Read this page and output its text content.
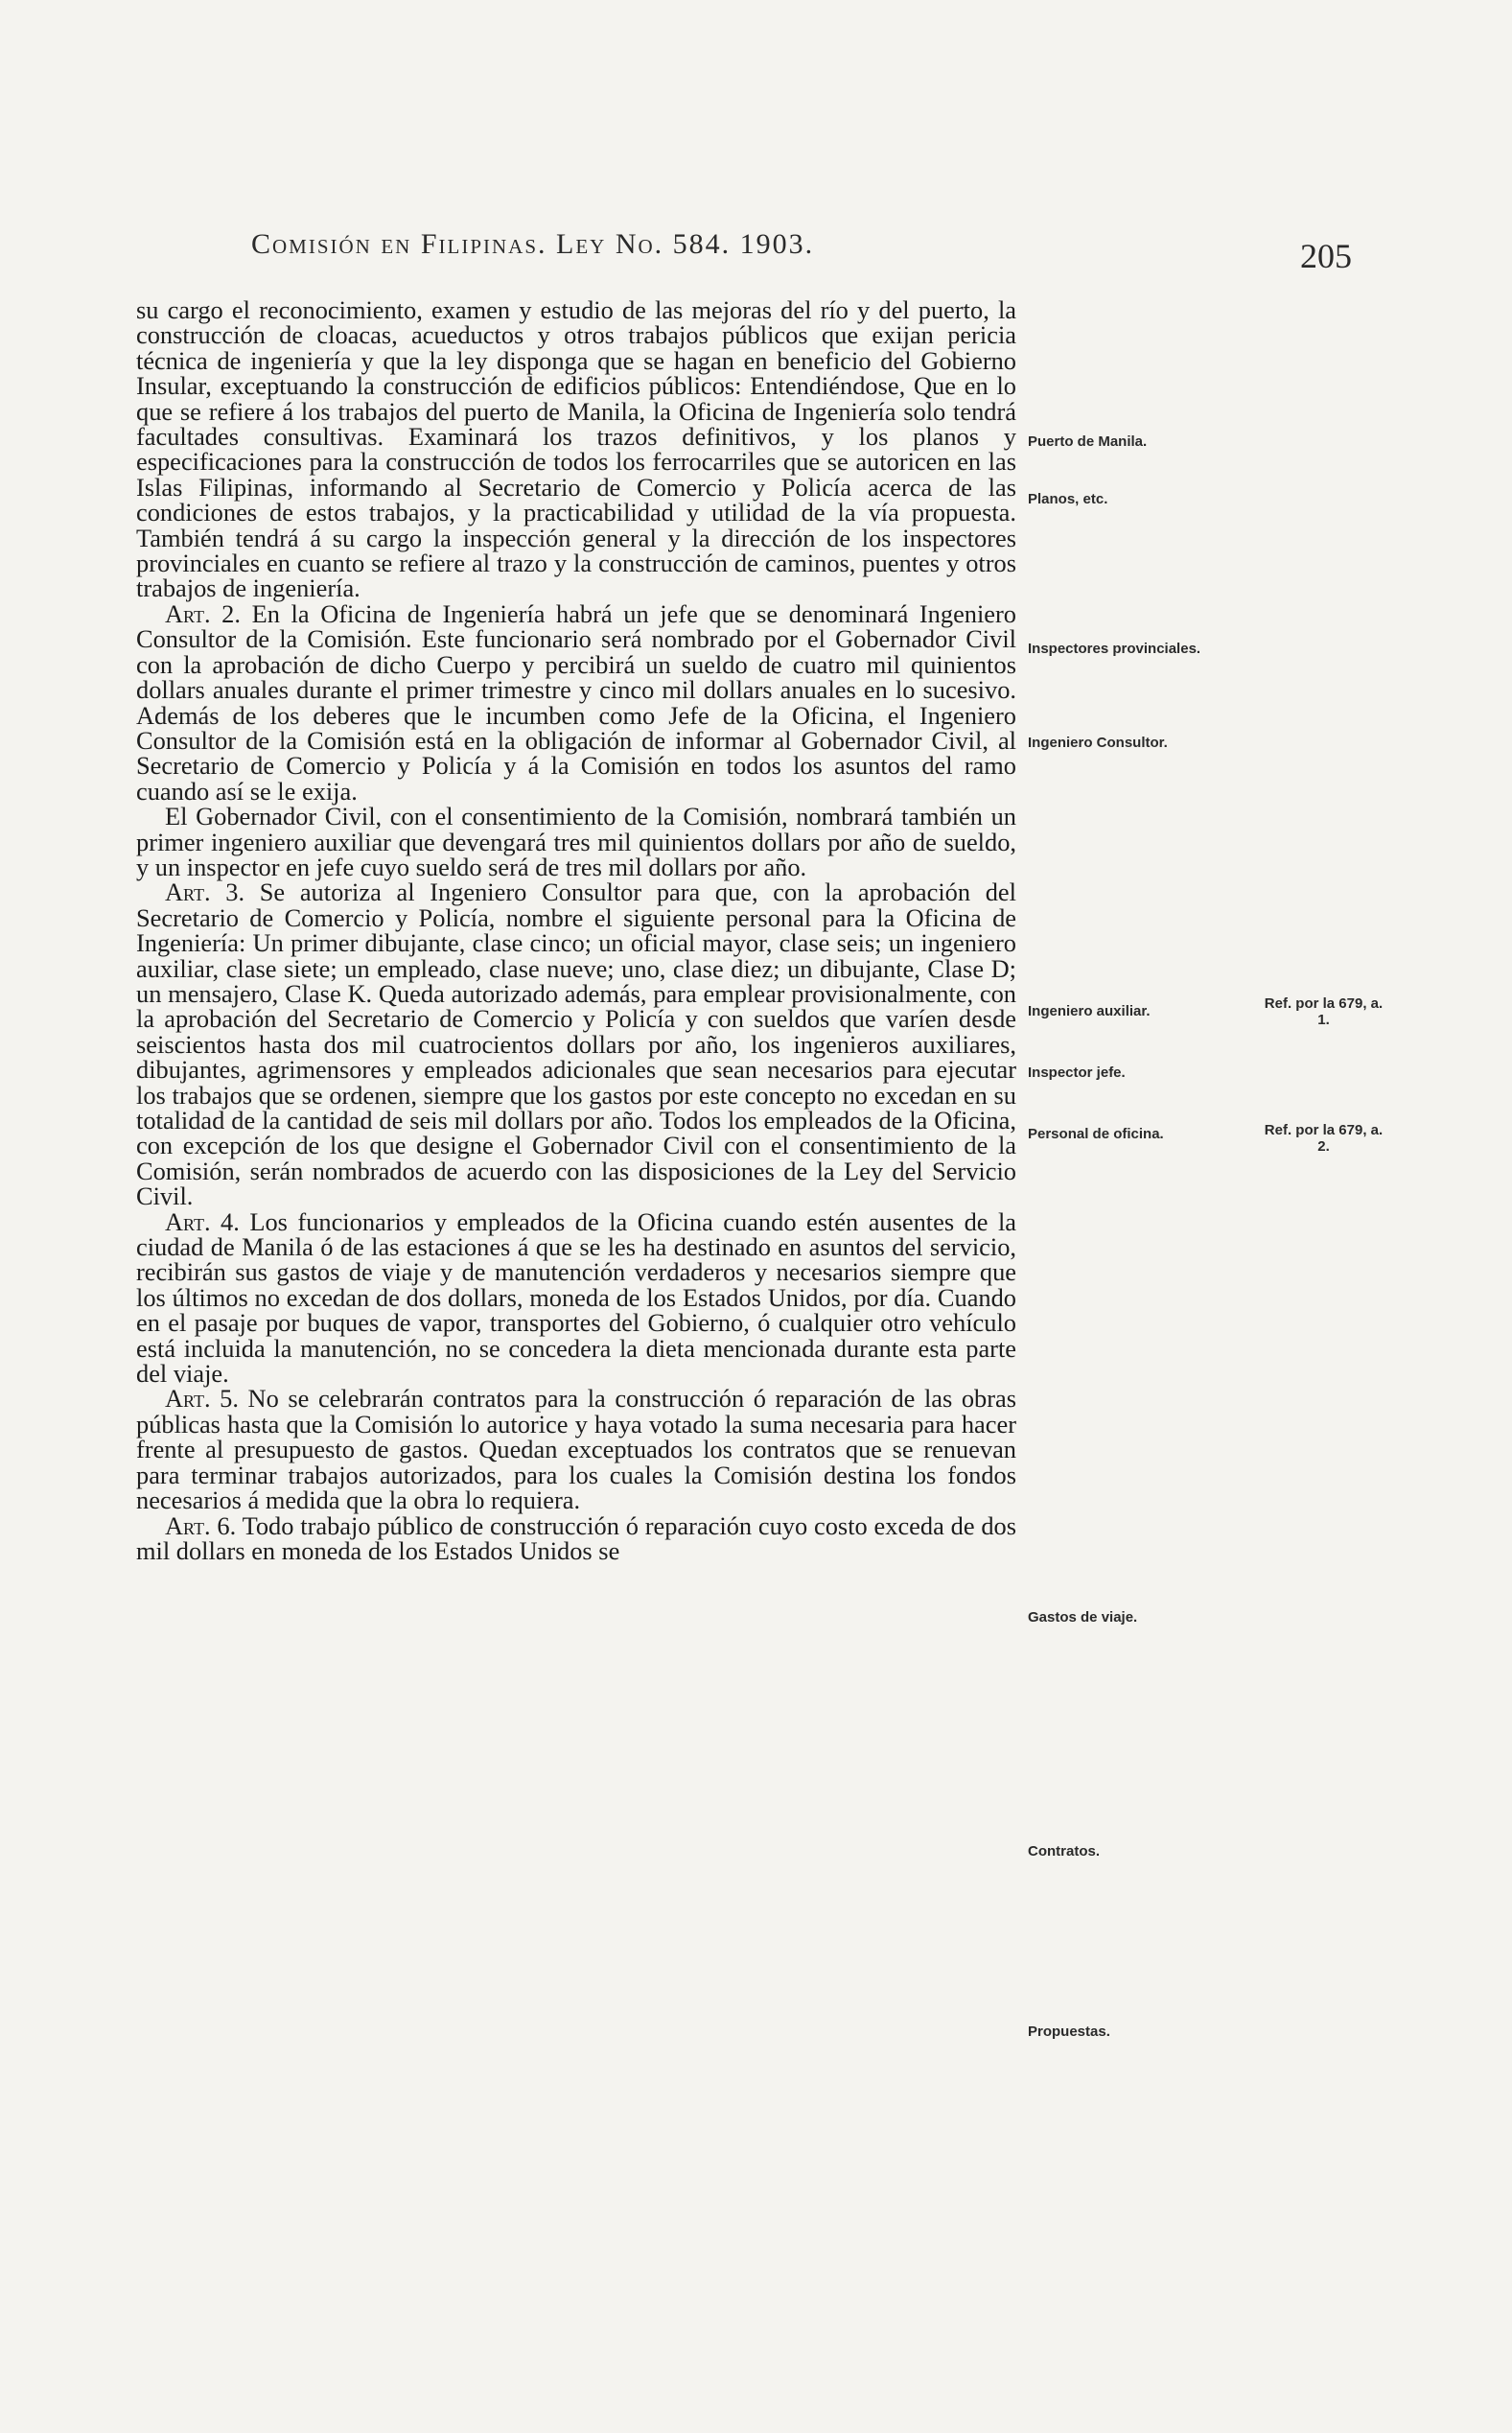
Comisión en Filipinas. Ley No. 584. 1903.	205

su cargo el reconocimiento, examen y estudio de las mejoras del río y del puerto, la construcción de cloacas, acueductos y otros trabajos públicos que exijan pericia técnica de ingeniería y que la ley disponga que se hagan en beneficio del Gobierno Insular, exceptuando la construcción de edificios públicos: Entendiéndose, Que en lo que se refiere á los trabajos del puerto de Manila, la Oficina de Ingeniería solo tendrá facultades consultivas. Examinará los trazos definitivos, y los planos y especificaciones para la construcción de todos los ferrocarriles que se autoricen en las Islas Filipinas, informando al Secretario de Comercio y Policía acerca de las condiciones de estos trabajos, y la practicabilidad y utilidad de la vía propuesta. También tendrá á su cargo la inspección general y la dirección de los inspectores provinciales en cuanto se refiere al trazo y la construcción de caminos, puentes y otros trabajos de ingeniería.

Art. 2. En la Oficina de Ingeniería habrá un jefe que se denominará Ingeniero Consultor de la Comisión. Este funcionario será nombrado por el Gobernador Civil con la aprobación de dicho Cuerpo y percibirá un sueldo de cuatro mil quinientos dollars anuales durante el primer trimestre y cinco mil dollars anuales en lo sucesivo. Además de los deberes que le incumben como Jefe de la Oficina, el Ingeniero Consultor de la Comisión está en la obligación de informar al Gobernador Civil, al Secretario de Comercio y Policía y á la Comisión en todos los asuntos del ramo cuando así se le exija.

El Gobernador Civil, con el consentimiento de la Comisión, nombrará también un primer ingeniero auxiliar que devengará tres mil quinientos dollars por año de sueldo, y un inspector en jefe cuyo sueldo será de tres mil dollars por año.

Art. 3. Se autoriza al Ingeniero Consultor para que, con la aprobación del Secretario de Comercio y Policía, nombre el siguiente personal para la Oficina de Ingeniería: Un primer dibujante, clase cinco; un oficial mayor, clase seis; un ingeniero auxiliar, clase siete; un empleado, clase nueve; uno, clase diez; un dibujante, Clase D; un mensajero, Clase K. Queda autorizado además, para emplear provisionalmente, con la aprobación del Secretario de Comercio y Policía y con sueldos que varíen desde seiscientos hasta dos mil cuatrocientos dollars por año, los ingenieros auxiliares, dibujantes, agrimensores y empleados adicionales que sean necesarios para ejecutar los trabajos que se ordenen, siempre que los gastos por este concepto no excedan en su totalidad de la cantidad de seis mil dollars por año. Todos los empleados de la Oficina, con excepción de los que designe el Gobernador Civil con el consentimiento de la Comisión, serán nombrados de acuerdo con las disposiciones de la Ley del Servicio Civil.

Art. 4. Los funcionarios y empleados de la Oficina cuando estén ausentes de la ciudad de Manila ó de las estaciones á que se les ha destinado en asuntos del servicio, recibirán sus gastos de viaje y de manutención verdaderos y necesarios siempre que los últimos no excedan de dos dollars, moneda de los Estados Unidos, por día. Cuando en el pasaje por buques de vapor, transportes del Gobierno, ó cualquier otro vehículo está incluida la manutención, no se concedera la dieta mencionada durante esta parte del viaje.

Art. 5. No se celebrarán contratos para la construcción ó reparación de las obras públicas hasta que la Comisión lo autorice y haya votado la suma necesaria para hacer frente al presupuesto de gastos. Quedan exceptuados los contratos que se renuevan para terminar trabajos autorizados, para los cuales la Comisión destina los fondos necesarios á medida que la obra lo requiera.

Art. 6. Todo trabajo público de construcción ó reparación cuyo costo exceda de dos mil dollars en moneda de los Estados Unidos se

Puerto de Manila.
Planos, etc.
Inspectores provinciales.
Ingeniero Consultor.
Ingeniero auxiliar.
Inspector jefe.
Personal de oficina.
Gastos de viaje.
Contratos.
Propuestas.
Ref. por la 679, a. 1.
Ref. por la 679, a. 2.
